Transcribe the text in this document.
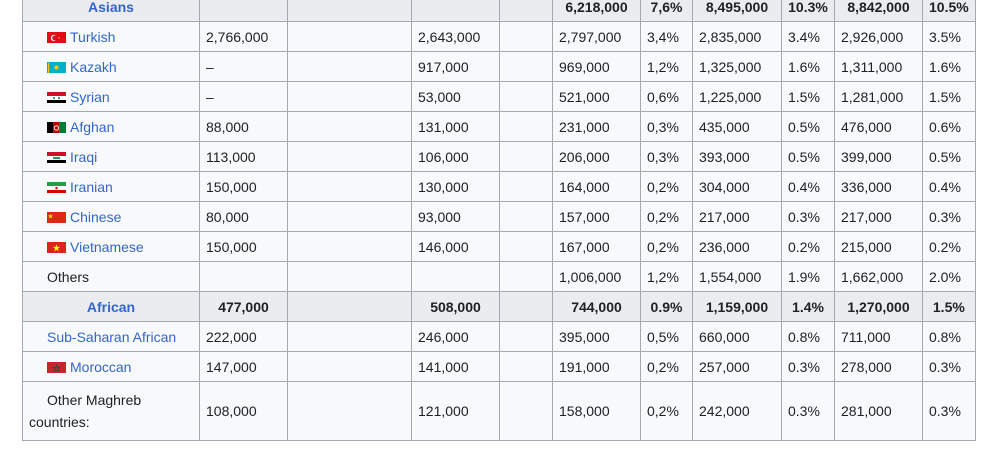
Asians					6,218,000	7,6%	8,495,000	10.3%	8,842,000	10.5%
Turkish	2,766,000		2,643,000		2,797,000	3,4%	2,835,000	3.4%	2,926,000	3.5%
Kazakh	–		917,000		969,000	1,2%	1,325,000	1.6%	1,311,000	1.6%
Syrian	–		53,000		521,000	0,6%	1,225,000	1.5%	1,281,000	1.5%
Afghan	88,000		131,000		231,000	0,3%	435,000	0.5%	476,000	0.6%
Iraqi	113,000		106,000		206,000	0,3%	393,000	0.5%	399,000	0.5%
Iranian	150,000		130,000		164,000	0,2%	304,000	0.4%	336,000	0.4%
Chinese	80,000		93,000		157,000	0,2%	217,000	0.3%	217,000	0.3%
Vietnamese	150,000		146,000		167,000	0,2%	236,000	0.2%	215,000	0.2%
Others					1,006,000	1,2%	1,554,000	1.9%	1,662,000	2.0%
African	477,000		508,000		744,000	0.9%	1,159,000	1.4%	1,270,000	1.5%
Sub-Saharan African	222,000		246,000		395,000	0,5%	660,000	0.8%	711,000	0.8%
Moroccan	147,000		141,000		191,000	0,2%	257,000	0.3%	278,000	0.3%

Other Maghreb
countries:	108,000		121,000		158,000	0,2%	242,000	0.3%	281,000	0.3%
